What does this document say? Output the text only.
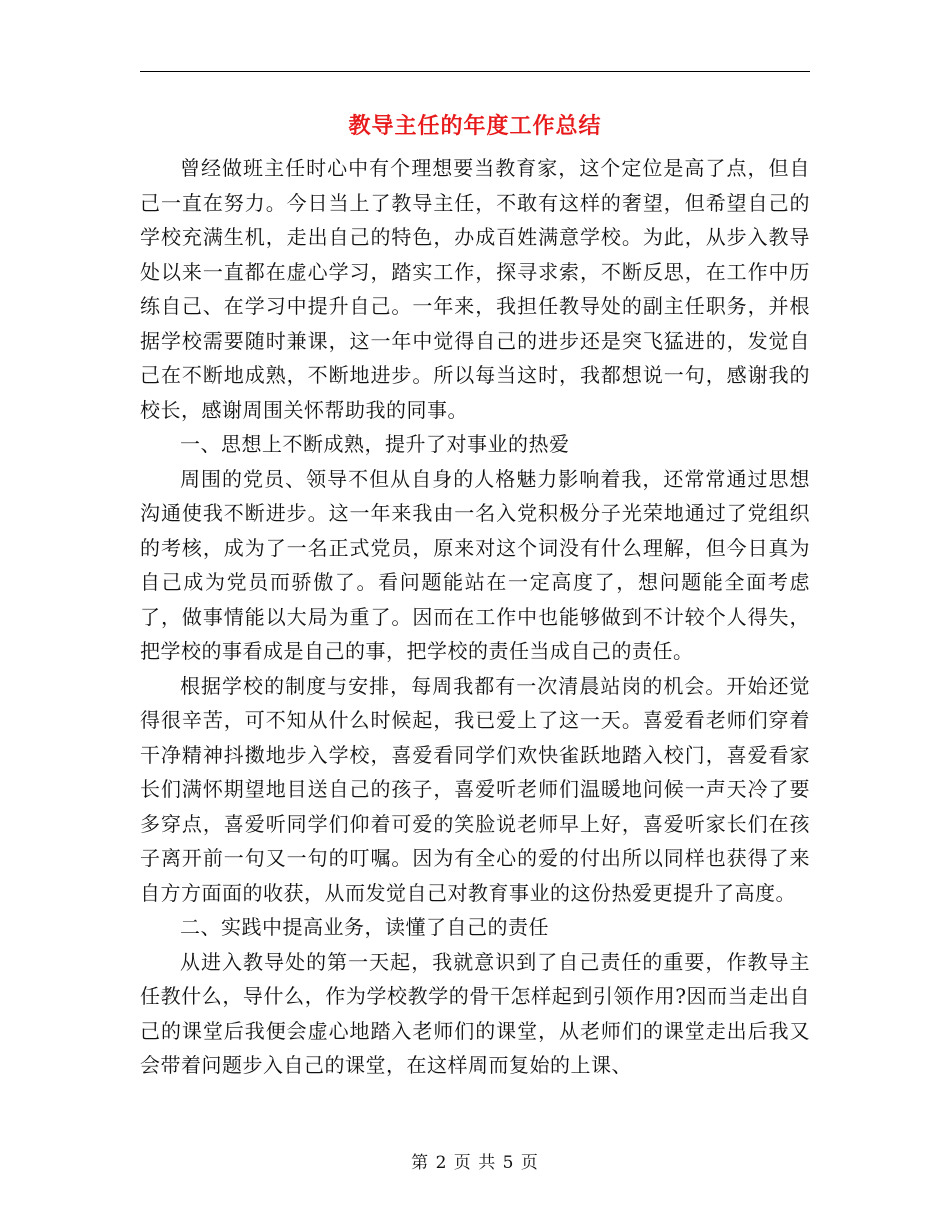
教导主任的年度工作总结

曾经做班主任时心中有个理想要当教育家，这个定位是高了点，但自己一直在努力。今日当上了教导主任，不敢有这样的奢望，但希望自己的学校充满生机，走出自己的特色，办成百姓满意学校。为此，从步入教导处以来一直都在虚心学习，踏实工作，探寻求索，不断反思，在工作中历练自己、在学习中提升自己。一年来，我担任教导处的副主任职务，并根据学校需要随时兼课，这一年中觉得自己的进步还是突飞猛进的，发觉自己在不断地成熟，不断地进步。所以每当这时，我都想说一句，感谢我的校长，感谢周围关怀帮助我的同事。

一、思想上不断成熟，提升了对事业的热爱

周围的党员、领导不但从自身的人格魅力影响着我，还常常通过思想沟通使我不断进步。这一年来我由一名入党积极分子光荣地通过了党组织的考核，成为了一名正式党员，原来对这个词没有什么理解，但今日真为自己成为党员而骄傲了。看问题能站在一定高度了，想问题能全面考虑了，做事情能以大局为重了。因而在工作中也能够做到不计较个人得失，把学校的事看成是自己的事，把学校的责任当成自己的责任。

根据学校的制度与安排，每周我都有一次清晨站岗的机会。开始还觉得很辛苦，可不知从什么时候起，我已爱上了这一天。喜爱看老师们穿着干净精神抖擞地步入学校，喜爱看同学们欢快雀跃地踏入校门，喜爱看家长们满怀期望地目送自己的孩子，喜爱听老师们温暖地问候一声天冷了要多穿点，喜爱听同学们仰着可爱的笑脸说老师早上好，喜爱听家长们在孩子离开前一句又一句的叮嘱。因为有全心的爱的付出所以同样也获得了来自方方面面的收获，从而发觉自己对教育事业的这份热爱更提升了高度。

二、实践中提高业务，读懂了自己的责任

从进入教导处的第一天起，我就意识到了自己责任的重要，作教导主任教什么，导什么，作为学校教学的骨干怎样起到引领作用?因而当走出自己的课堂后我便会虚心地踏入老师们的课堂，从老师们的课堂走出后我又会带着问题步入自己的课堂，在这样周而复始的上课、

第 2 页 共 5 页
